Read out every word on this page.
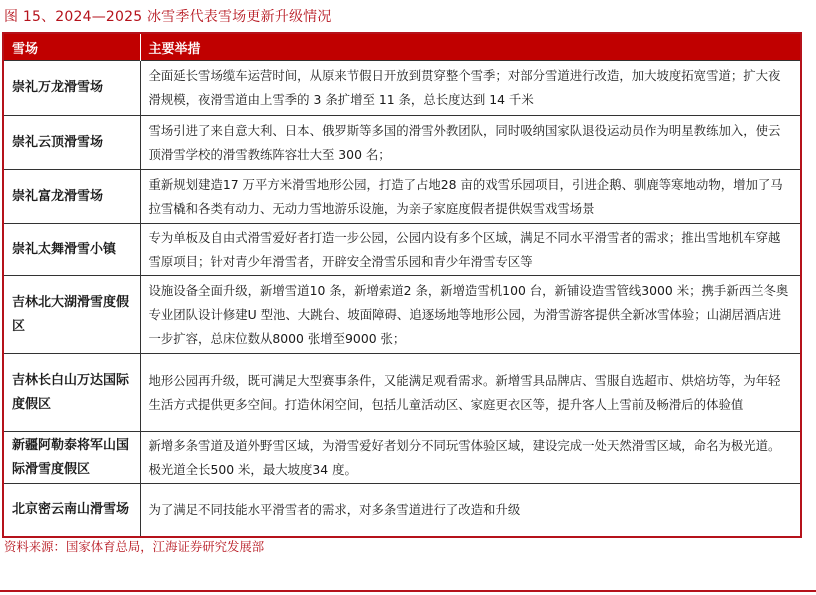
图 15、2024—2025 冰雪季代表雪场更新升级情况
雪场	主要举措
崇礼万龙滑雪场	全面延长雪场缆车运营时间，从原来节假日开放到贯穿整个雪季；对部分雪道进行改造，加大坡度拓宽雪道；扩大夜滑规模，夜滑雪道由上雪季的 3 条扩增至 11 条，总长度达到 14 千米
崇礼云顶滑雪场	雪场引进了来自意大利、日本、俄罗斯等多国的滑雪外教团队，同时吸纳国家队退役运动员作为明星教练加入，使云顶滑雪学校的滑雪教练阵容壮大至 300 名；
崇礼富龙滑雪场	重新规划建造17 万平方米滑雪地形公园，打造了占地28 亩的戏雪乐园项目，引进企鹅、驯鹿等寒地动物，增加了马拉雪橇和各类有动力、无动力雪地游乐设施，为亲子家庭度假者提供娱雪戏雪场景
崇礼太舞滑雪小镇	专为单板及自由式滑雪爱好者打造一步公园，公园内设有多个区域，满足不同水平滑雪者的需求；推出雪地机车穿越雪原项目；针对青少年滑雪者，开辟安全滑雪乐园和青少年滑雪专区等
吉林北大湖滑雪度假区	设施设备全面升级，新增雪道10 条，新增索道2 条，新增造雪机100 台，新铺设造雪管线3000 米；携手新西兰冬奥专业团队设计修建U 型池、大跳台、坡面障碍、追逐场地等地形公园，为滑雪游客提供全新冰雪体验；山湖居酒店进一步扩容，总床位数从8000 张增至9000 张；
吉林长白山万达国际度假区	地形公园再升级，既可满足大型赛事条件，又能满足观看需求。新增雪具品牌店、雪服自选超市、烘焙坊等，为年轻生活方式提供更多空间。打造休闲空间，包括儿童活动区、家庭更衣区等，提升客人上雪前及畅滑后的体验值
新疆阿勒泰将军山国际滑雪度假区	新增多条雪道及道外野雪区域，为滑雪爱好者划分不同玩雪体验区域，建设完成一处天然滑雪区域，命名为极光道。极光道全长500 米，最大坡度34 度。
北京密云南山滑雪场	为了满足不同技能水平滑雪者的需求，对多条雪道进行了改造和升级
资料来源：国家体育总局，江海证券研究发展部
